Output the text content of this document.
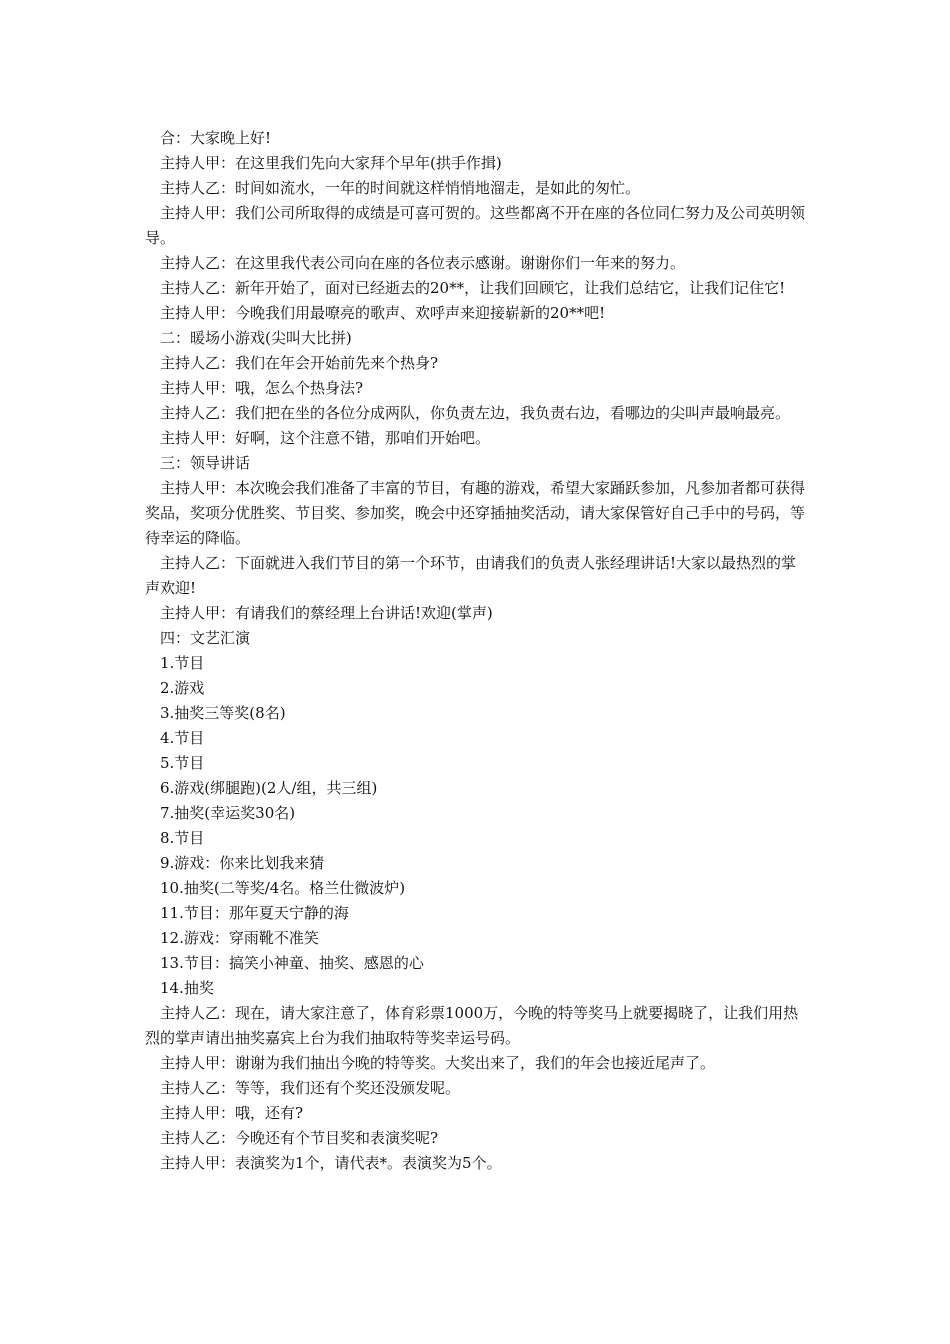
合：大家晚上好!

主持人甲：在这里我们先向大家拜个早年(拱手作揖)

主持人乙：时间如流水，一年的时间就这样悄悄地溜走，是如此的匆忙。

主持人甲：我们公司所取得的成绩是可喜可贺的。这些都离不开在座的各位同仁努力及公司英明领导。

主持人乙：在这里我代表公司向在座的各位表示感谢。谢谢你们一年来的努力。

主持人乙：新年开始了，面对已经逝去的20**，让我们回顾它，让我们总结它，让我们记住它!

主持人甲：今晚我们用最嘹亮的歌声、欢呼声来迎接崭新的20**吧!

二：暖场小游戏(尖叫大比拼)

主持人乙：我们在年会开始前先来个热身?

主持人甲：哦，怎么个热身法?

主持人乙：我们把在坐的各位分成两队，你负责左边，我负责右边，看哪边的尖叫声最响最亮。

主持人甲：好啊，这个注意不错，那咱们开始吧。

三：领导讲话

主持人甲：本次晚会我们准备了丰富的节目，有趣的游戏，希望大家踊跃参加，凡参加者都可获得奖品，奖项分优胜奖、节目奖、参加奖，晚会中还穿插抽奖活动，请大家保管好自己手中的号码，等待幸运的降临。

主持人乙：下面就进入我们节目的第一个环节，由请我们的负责人张经理讲话!大家以最热烈的掌声欢迎!

主持人甲：有请我们的蔡经理上台讲话!欢迎(掌声)

四：文艺汇演

1.节目

2.游戏

3.抽奖三等奖(8名)

4.节目

5.节目

6.游戏(绑腿跑)(2人/组，共三组)

7.抽奖(幸运奖30名)

8.节目

9.游戏：你来比划我来猜

10.抽奖(二等奖/4名。格兰仕微波炉)

11.节目：那年夏天宁静的海

12.游戏：穿雨靴不准笑

13.节目：搞笑小神童、抽奖、感恩的心

14.抽奖

主持人乙：现在，请大家注意了，体育彩票1000万，今晚的特等奖马上就要揭晓了，让我们用热烈的掌声请出抽奖嘉宾上台为我们抽取特等奖幸运号码。

主持人甲：谢谢为我们抽出今晚的特等奖。大奖出来了，我们的年会也接近尾声了。

主持人乙：等等，我们还有个奖还没颁发呢。

主持人甲：哦，还有?

主持人乙：今晚还有个节目奖和表演奖呢?

主持人甲：表演奖为1个，请代表*。表演奖为5个。
